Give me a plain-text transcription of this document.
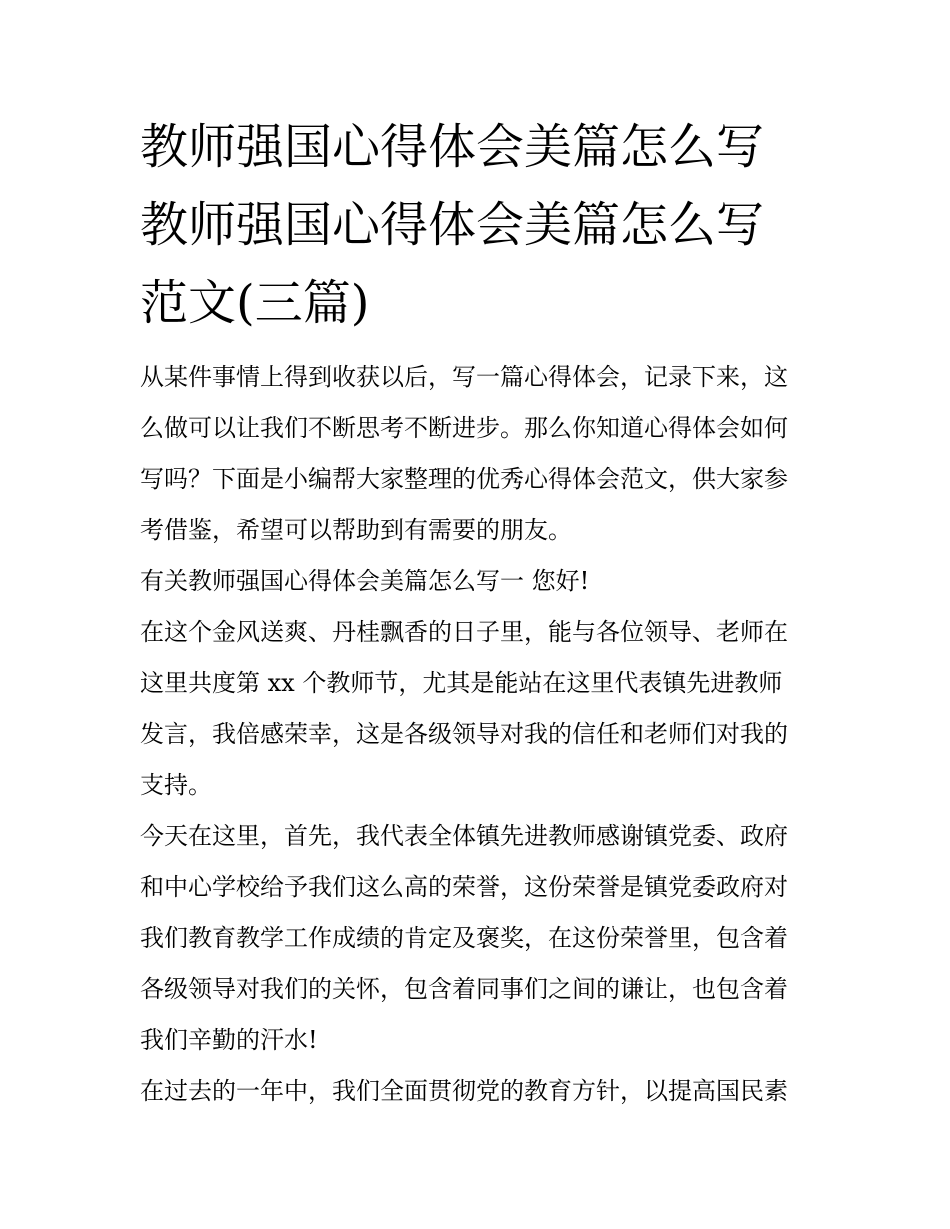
教师强国心得体会美篇怎么写
教师强国心得体会美篇怎么写
范文(三篇)
从某件事情上得到收获以后，写一篇心得体会，记录下来，这
么做可以让我们不断思考不断进步。那么你知道心得体会如何
写吗？下面是小编帮大家整理的优秀心得体会范文，供大家参
考借鉴，希望可以帮助到有需要的朋友。
有关教师强国心得体会美篇怎么写一 您好!
在这个金风送爽、丹桂飘香的日子里，能与各位领导、老师在
这里共度第 xx 个教师节，尤其是能站在这里代表镇先进教师
发言，我倍感荣幸，这是各级领导对我的信任和老师们对我的
支持。
今天在这里，首先，我代表全体镇先进教师感谢镇党委、政府
和中心学校给予我们这么高的荣誉，这份荣誉是镇党委政府对
我们教育教学工作成绩的肯定及褒奖，在这份荣誉里，包含着
各级领导对我们的关怀，包含着同事们之间的谦让，也包含着
我们辛勤的汗水!
在过去的一年中，我们全面贯彻党的教育方针，以提高国民素
